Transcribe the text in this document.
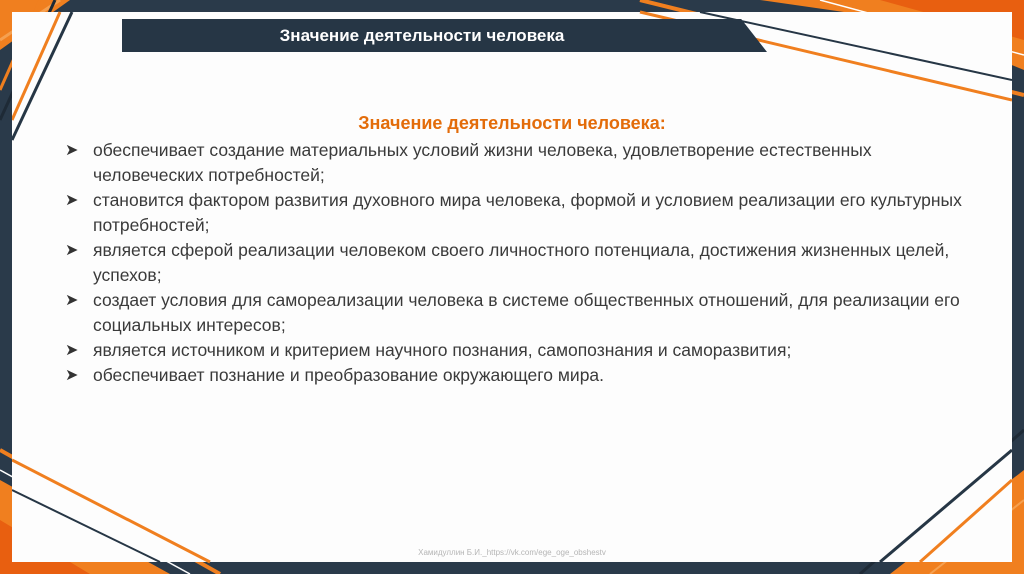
Значение деятельности человека
Значение деятельности человека:
➤ обеспечивает создание материальных условий жизни человека, удовлетворение естественных человеческих потребностей;
➤ становится фактором развития духовного мира человека, формой и условием реализации его культурных потребностей;
➤ является сферой реализации человеком своего личностного потенциала, достижения жизненных целей, успехов;
➤ создает условия для самореализации человека в системе общественных отношений, для реализации его социальных интересов;
➤ является источником и критерием научного познания, самопознания и саморазвития;
➤ обеспечивает познание и преобразование окружающего мира.
Хамидуллин Б.И._https://vk.com/ege_oge_obshestv
